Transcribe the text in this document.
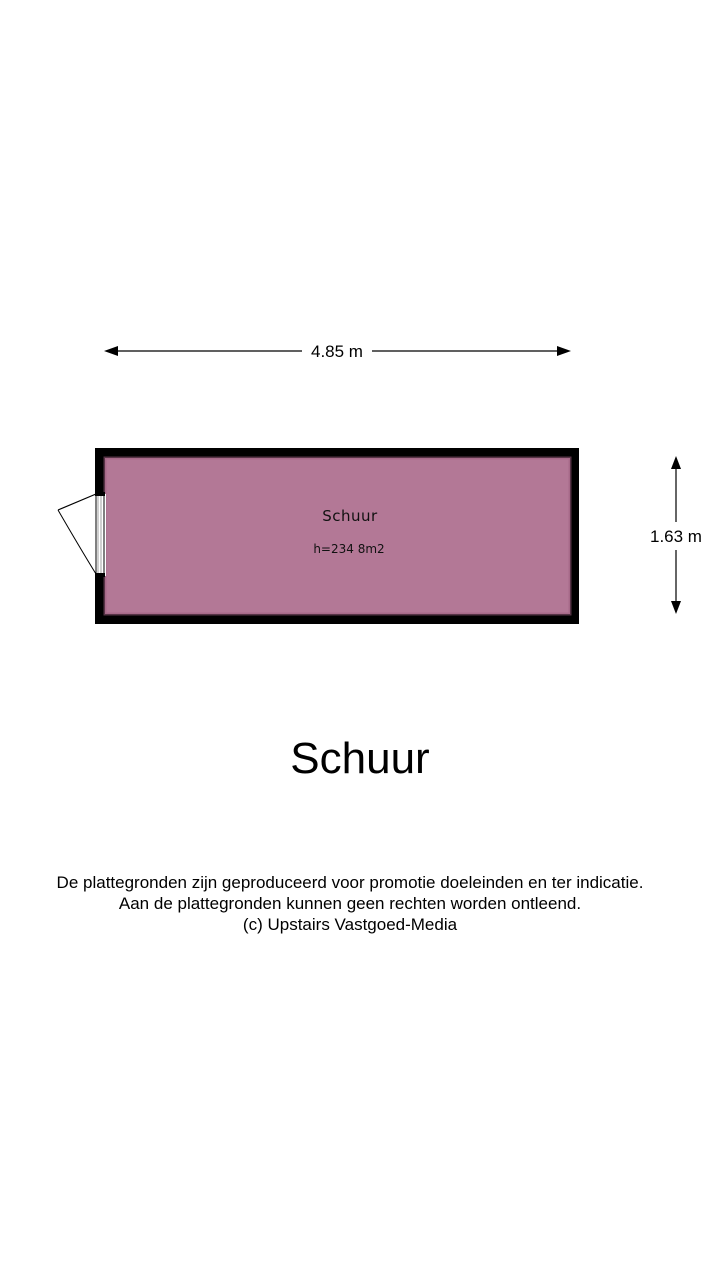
4.85 m
1.63 m
Schuur
h=234 8m2
Schuur
De plattegronden zijn geproduceerd voor promotie doeleinden en ter indicatie.
Aan de plattegronden kunnen geen rechten worden ontleend.
(c) Upstairs Vastgoed-Media
